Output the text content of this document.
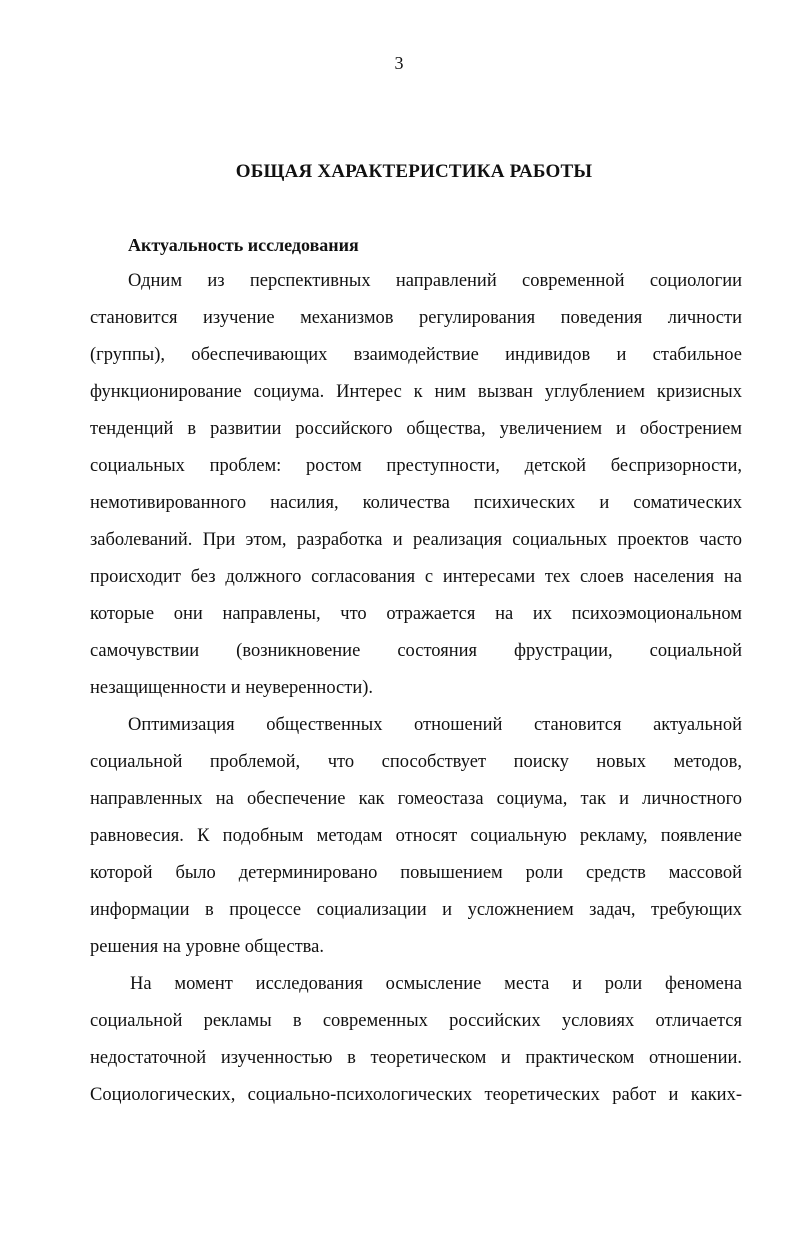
3
ОБЩАЯ ХАРАКТЕРИСТИКА РАБОТЫ
Актуальность исследования
Одним из перспективных направлений современной социологии
становится изучение механизмов регулирования поведения личности
(группы), обеспечивающих взаимодействие индивидов и стабильное
функционирование социума. Интерес к ним вызван углублением кризисных
тенденций в развитии российского общества, увеличением и обострением
социальных проблем: ростом преступности, детской беспризорности,
немотивированного насилия, количества психических и соматических
заболеваний. При этом, разработка и реализация социальных проектов часто
происходит без должного согласования с интересами тех слоев населения на
которые они направлены, что отражается на их психоэмоциональном
самочувствии (возникновение состояния фрустрации, социальной
незащищенности и неуверенности).
Оптимизация общественных отношений становится актуальной
социальной проблемой, что способствует поиску новых методов,
направленных на обеспечение как гомеостаза социума, так и личностного
равновесия. К подобным методам относят социальную рекламу, появление
которой было детерминировано повышением роли средств массовой
информации в процессе социализации и усложнением задач, требующих
решения на уровне общества.
На момент исследования осмысление места и роли феномена
социальной рекламы в современных российских условиях отличается
недостаточной изученностью в теоретическом и практическом отношении.
Социологических, социально-психологических теоретических работ и каких-
